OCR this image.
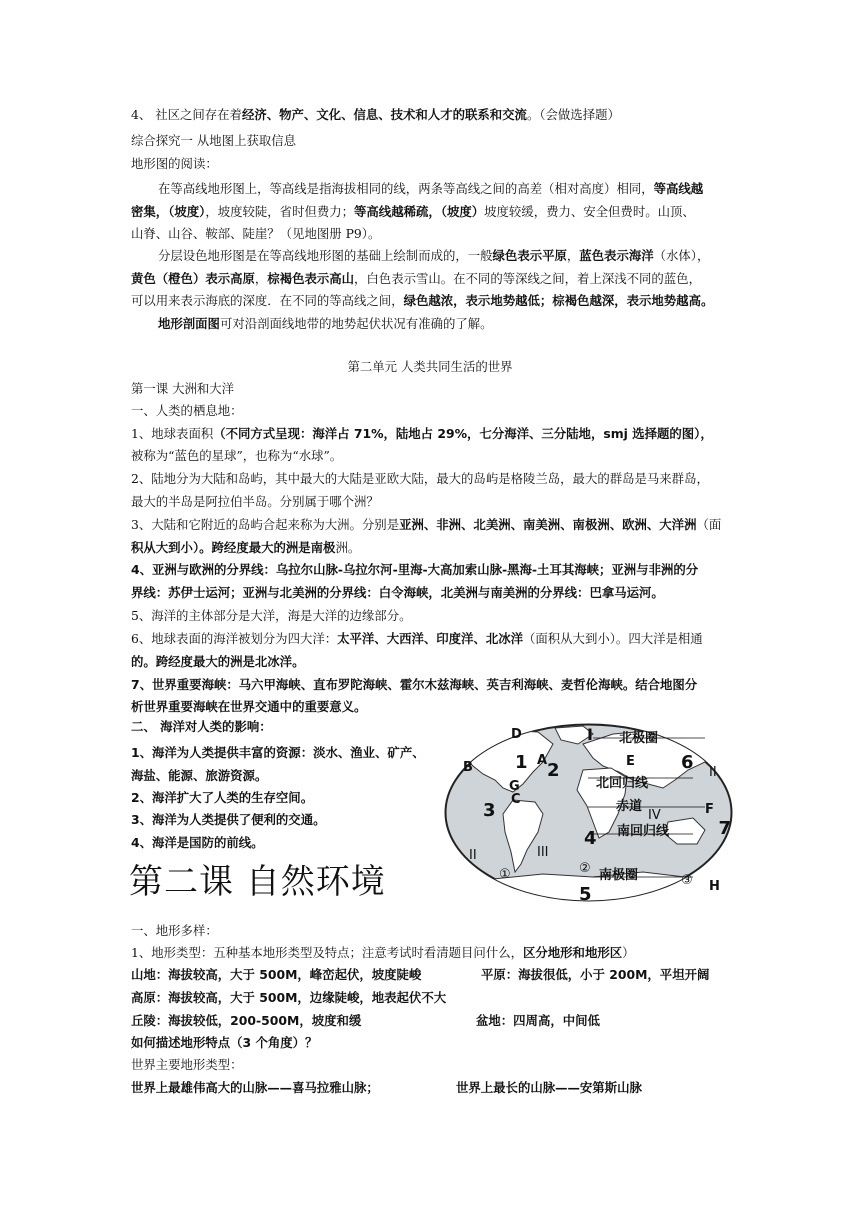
4、 社区之间存在着经济、物产、文化、信息、技术和人才的联系和交流。（会做选择题）
综合探究一 从地图上获取信息
地形图的阅读：
在等高线地形图上，等高线是指海拔相同的线，两条等高线之间的高差（相对高度）相同，等高线越
密集，（坡度），坡度较陡，省时但费力；等高线越稀疏，（坡度）坡度较缓，费力、安全但费时。山顶、
山脊、山谷、鞍部、陡崖？（见地图册 P9）。
分层设色地形图是在等高线地形图的基础上绘制而成的，一般绿色表示平原，蓝色表示海洋（水体），
黄色（橙色）表示高原，棕褐色表示高山，白色表示雪山。在不同的等深线之间，着上深浅不同的蓝色，
可以用来表示海底的深度．在不同的等高线之间，绿色越浓，表示地势越低；棕褐色越深，表示地势越高。
地形剖面图可对沿剖面线地带的地势起伏状况有准确的了解。
第二单元 人类共同生活的世界
第一课 大洲和大洋
一、人类的栖息地：
1、地球表面积（不同方式呈现：海洋占 71%，陆地占 29%，七分海洋、三分陆地，smj 选择题的图），
被称为“蓝色的星球”，也称为“水球”。
2、陆地分为大陆和岛屿，其中最大的大陆是亚欧大陆，最大的岛屿是格陵兰岛，最大的群岛是马来群岛，
最大的半岛是阿拉伯半岛。分别属于哪个洲？
3、大陆和它附近的岛屿合起来称为大洲。分别是亚洲、非洲、北美洲、南美洲、南极洲、欧洲、大洋洲（面
积从大到小）。跨经度最大的洲是南极洲。
4、亚洲与欧洲的分界线：乌拉尔山脉-乌拉尔河-里海-大高加索山脉-黑海-土耳其海峡；亚洲与非洲的分
界线：苏伊士运河；亚洲与北美洲的分界线：白令海峡，北美洲与南美洲的分界线：巴拿马运河。
5、海洋的主体部分是大洋，海是大洋的边缘部分。
6、地球表面的海洋被划分为四大洋：太平洋、大西洋、印度洋、北冰洋（面积从大到小）。四大洋是相通
的。跨经度最大的洲是北冰洋。
7、世界重要海峡：马六甲海峡、直布罗陀海峡、霍尔木兹海峡、英吉利海峡、麦哲伦海峡。结合地图分
析世界重要海峡在世界交通中的重要意义。
二、 海洋对人类的影响：
1、海洋为人类提供丰富的资源：淡水、渔业、矿产、
海盐、能源、旅游资源。
2、海洋扩大了人类的生存空间。
3、海洋为人类提供了便利的交通。
4、海洋是国防的前线。
第二课 自然环境
北极圈
北回归线
赤道
南回归线
南极圈
I
II
II	III
IV
1 2
3
4
5
6
7
A
B
C
D
E
F
G
H
①	②
③
一、地形多样：
1、地形类型：五种基本地形类型及特点；注意考试时看清题目问什么，区分地形和地形区）
山地：海拔较高，大于 500M，峰峦起伏，坡度陡峻	平原：海拔很低，小于 200M，平坦开阔
高原：海拔较高，大于 500M，边缘陡峻，地表起伏不大
丘陵：海拔较低，200-500M，坡度和缓	盆地：四周高，中间低
如何描述地形特点（3 个角度）？
世界主要地形类型：
世界上最雄伟高大的山脉——喜马拉雅山脉；	世界上最长的山脉——安第斯山脉
